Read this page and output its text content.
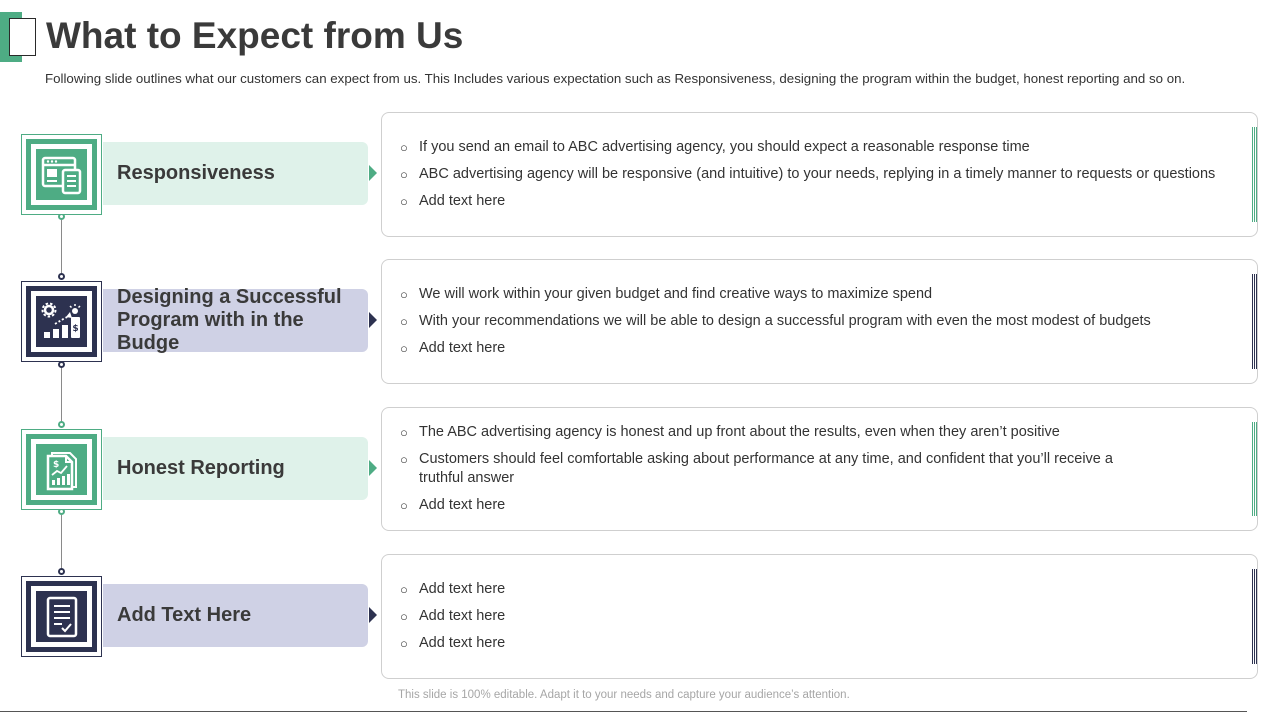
What to Expect from Us

Following slide outlines what our customers can expect from us. This Includes various expectation such as Responsiveness, designing the program within the budget, honest reporting and so on.

Responsiveness
○ If you send an email to ABC advertising agency, you should expect a reasonable response time
○ ABC advertising agency will be responsive (and intuitive) to your needs, replying in a timely manner to requests or questions
○ Add text here
$
Designing a Successful Program with in the Budge
○ We will work within your given budget and find creative ways to maximize spend
○ With your recommendations we will be able to design a successful program with even the most modest of budgets
○ Add text here
$	Honest Reporting
○ The ABC advertising agency is honest and up front about the results, even when they aren’t positive
○ Customers should feel comfortable asking about performance at any time, and confident that you’ll receive a truthful answer
○ Add text here
Add Text Here
○ Add text here
○ Add text here
○ Add text here
This slide is 100% editable. Adapt it to your needs and capture your audience’s attention.
